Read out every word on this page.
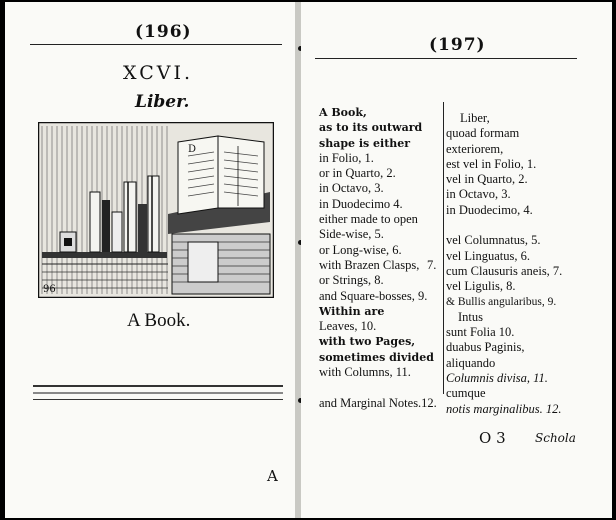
(196)
XCVI.
Liber.
D
96
A Book.
A
(197)
A Book,
as to its outward
shape is either
in Folio, 1.
or in Quarto, 2.
in Octavo, 3.
in Duodecimo 4.
either made to open
Side-wise, 5.
or Long-wise, 6.
with Brazen Clasps,
or Strings, 8.
and Square-bosses, 9.
Within are
Leaves, 10.
with two Pages,
sometimes divided
with Columns, 11.
and Marginal Notes.12.
7.
Liber,
quoad formam
exteriorem,
est vel in Folio, 1.
vel in Quarto, 2.
in Octavo, 3.
in Duodecimo, 4.
vel Columnatus, 5.
vel Linguatus, 6.
cum Clausuris aneis, 7.
vel Ligulis, 8.
& Bullis angularibus, 9.
Intus
sunt Folia 10.
duabus Paginis,
aliquando
Columnis divisa, 11.
cumque
notis marginalibus. 12.
O 3 Schola
